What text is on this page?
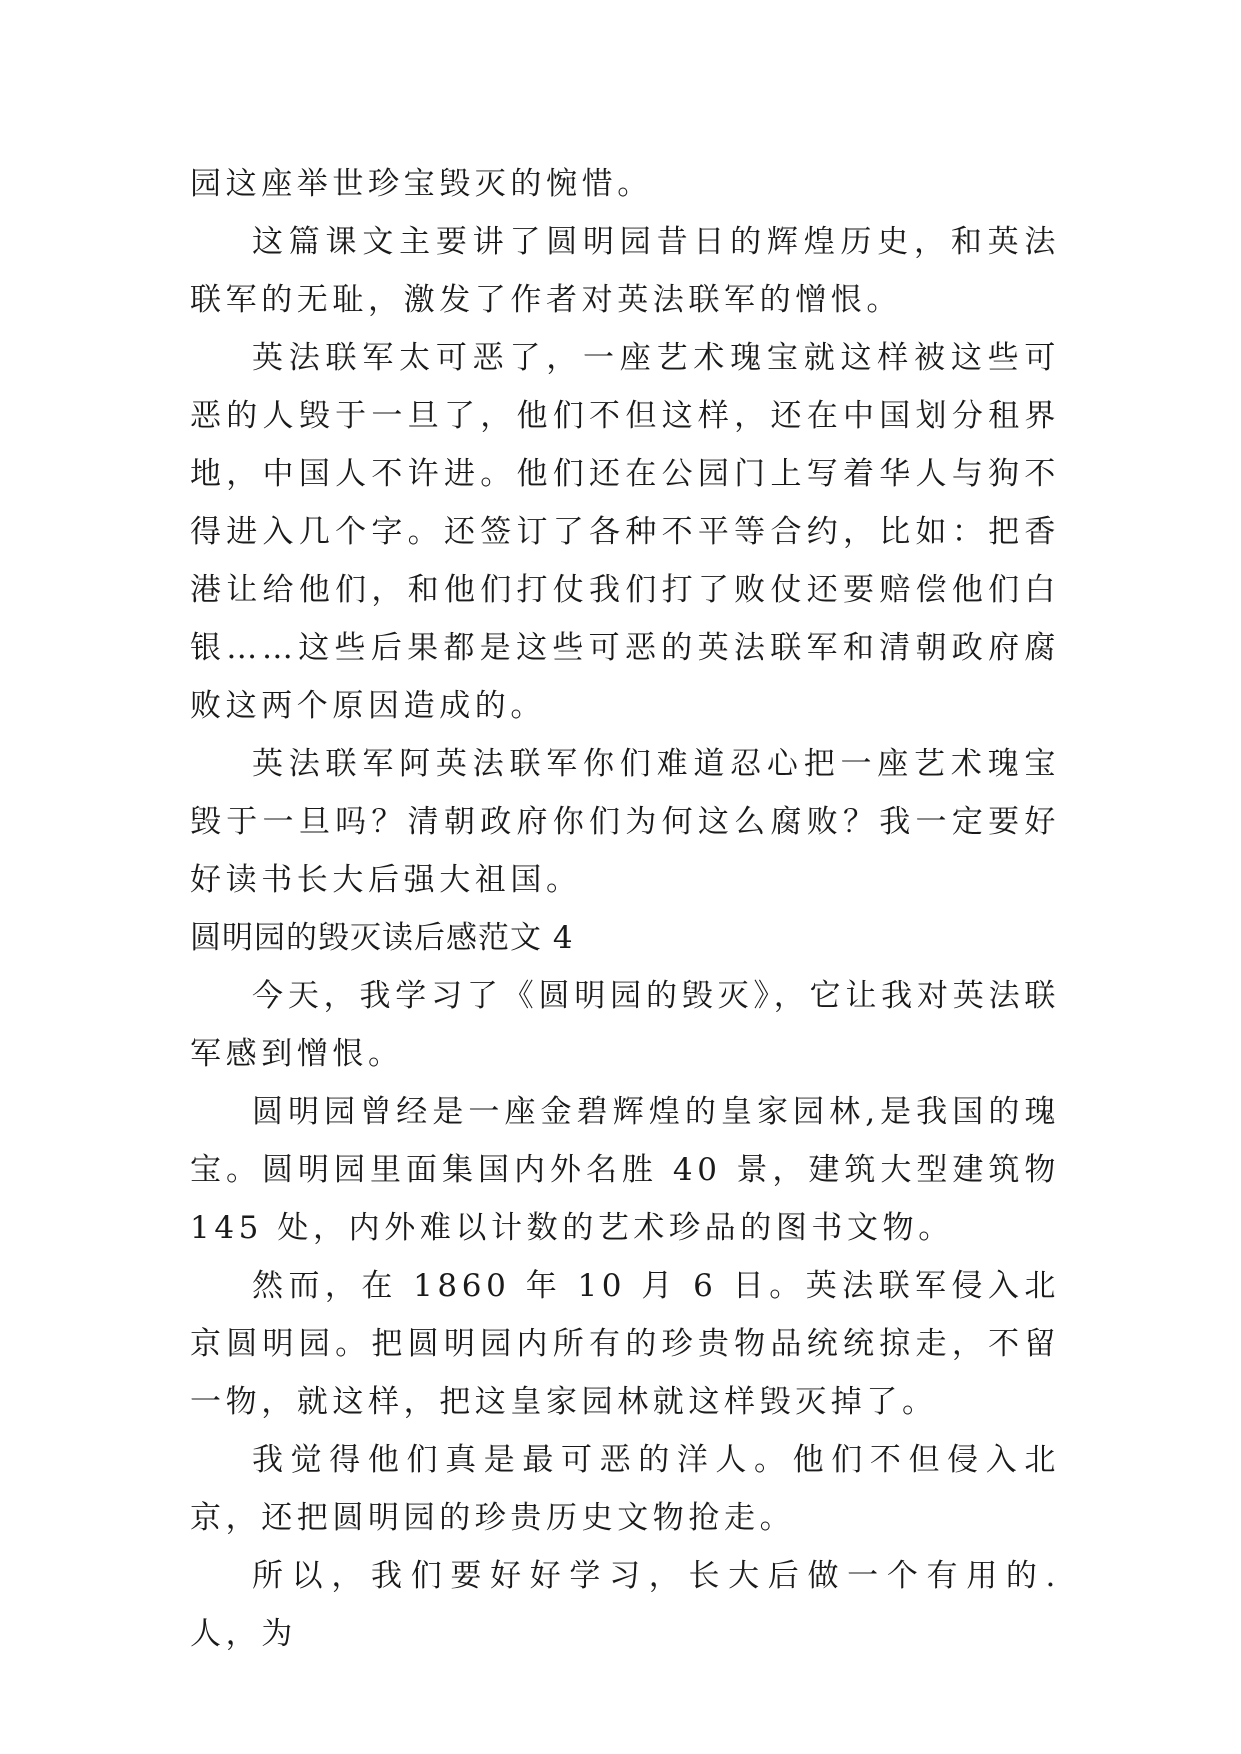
园这座举世珍宝毁灭的惋惜。

这篇课文主要讲了圆明园昔日的辉煌历史，和英法联军的无耻，激发了作者对英法联军的憎恨。

英法联军太可恶了，一座艺术瑰宝就这样被这些可恶的人毁于一旦了，他们不但这样，还在中国划分租界地，中国人不许进。他们还在公园门上写着华人与狗不得进入几个字。还签订了各种不平等合约，比如：把香港让给他们，和他们打仗我们打了败仗还要赔偿他们白银……这些后果都是这些可恶的英法联军和清朝政府腐败这两个原因造成的。

英法联军阿英法联军你们难道忍心把一座艺术瑰宝毁于一旦吗？清朝政府你们为何这么腐败？我一定要好好读书长大后强大祖国。

圆明园的毁灭读后感范文 4

今天，我学习了《圆明园的毁灭》，它让我对英法联军感到憎恨。

圆明园曾经是一座金碧辉煌的皇家园林,是我国的瑰宝。圆明园里面集国内外名胜 40 景，建筑大型建筑物 145 处，内外难以计数的艺术珍品的图书文物。

然而，在 1860 年 10 月 6 日。英法联军侵入北京圆明园。把圆明园内所有的珍贵物品统统掠走，不留一物，就这样，把这皇家园林就这样毁灭掉了。

我觉得他们真是最可恶的洋人。他们不但侵入北京，还把圆明园的珍贵历史文物抢走。

所以，我们要好好学习，长大后做一个有用的. 人，为
